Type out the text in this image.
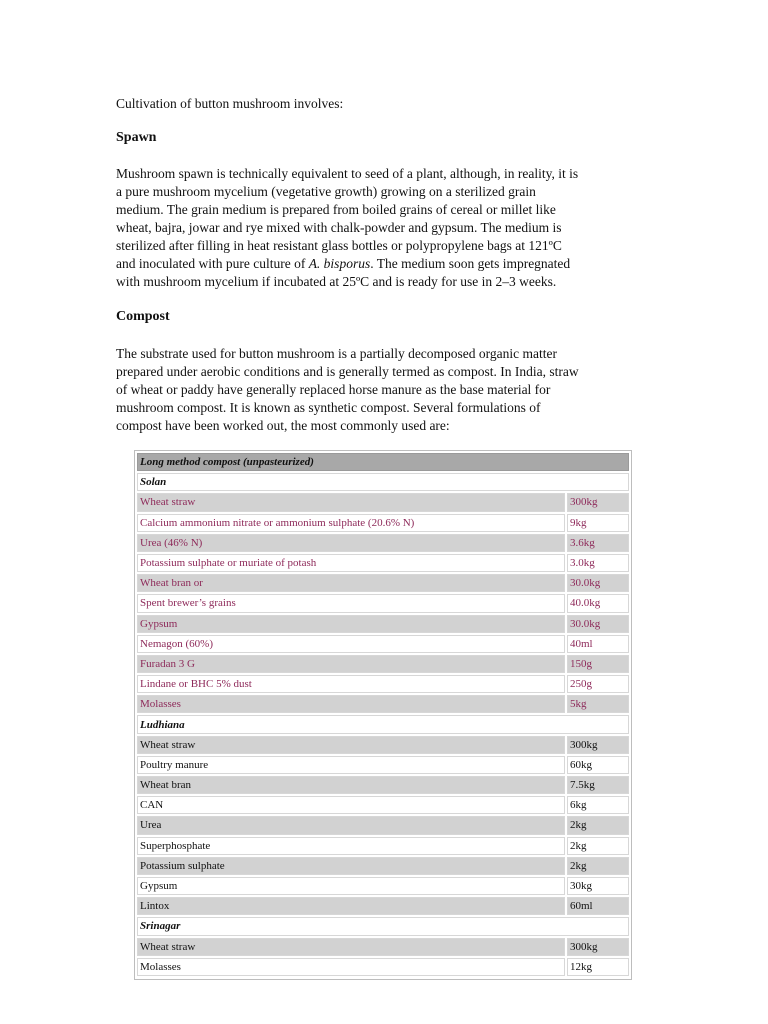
Cultivation of button mushroom involves:

Spawn

Mushroom spawn is technically equivalent to seed of a plant, although, in reality, it is

a pure mushroom mycelium (vegetative growth) growing on a sterilized grain

medium. The grain medium is prepared from boiled grains of cereal or millet like

wheat, bajra, jowar and rye mixed with chalk-powder and gypsum. The medium is

sterilized after filling in heat resistant glass bottles or polypropylene bags at 121ºC

and inoculated with pure culture of A. bisporus. The medium soon gets impregnated

with mushroom mycelium if incubated at 25ºC and is ready for use in 2–3 weeks.

Compost

The substrate used for button mushroom is a partially decomposed organic matter

prepared under aerobic conditions and is generally termed as compost. In India, straw

of wheat or paddy have generally replaced horse manure as the base material for

mushroom compost. It is known as synthetic compost. Several formulations of

compost have been worked out, the most commonly used are:

Long method compost (unpasteurized)	
Solan	
Wheat straw	300kg
Calcium ammonium nitrate or ammonium sulphate (20.6% N)	9kg
Urea (46% N)	3.6kg
Potassium sulphate or muriate of potash	3.0kg
Wheat bran or	30.0kg
Spent brewer’s grains	40.0kg
Gypsum	30.0kg
Nemagon (60%)	40ml
Furadan 3 G	150g
Lindane or BHC 5% dust	250g
Molasses	5kg
Ludhiana	
Wheat straw	300kg
Poultry manure	60kg
Wheat bran	7.5kg
CAN	6kg
Urea	2kg
Superphosphate	2kg
Potassium sulphate	2kg
Gypsum	30kg
Lintox	60ml
Srinagar	
Wheat straw	300kg
Molasses	12kg
